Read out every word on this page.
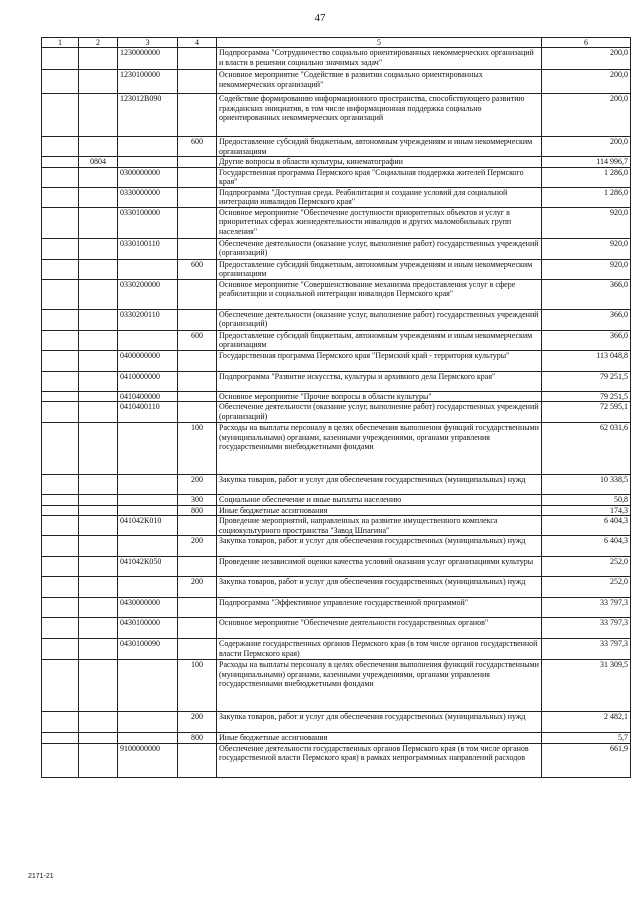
47
1	2	3	4	5	6
		1230000000		Подпрограмма "Сотрудничество социально ориентированных некоммерческих организаций и власти в решении социально значимых задач"	200,0
		1230100000		Основное мероприятие "Содействие в развитии социально ориентированных некоммерческих организаций"	200,0
		123012В090		Содействие формированию информационного пространства, способствующего развитию гражданских инициатив, в том числе информационная поддержка социально ориентированных некоммерческих организаций	200,0
			600	Предоставление субсидий бюджетным, автономным учреждениям и иным некоммерческим организациям	200,0
	0804			Другие вопросы в области культуры, кинематографии	114 996,7
		0300000000		Государственная программа Пермского края "Социальная поддержка жителей Пермского края"	1 286,0
		0330000000		Подпрограмма "Доступная среда. Реабилитация и создание условий для социальной интеграции инвалидов Пермского края"	1 286,0
		0330100000		Основное мероприятие "Обеспечение доступности приоритетных объектов и услуг в приоритетных сферах жизнедеятельности инвалидов и других маломобильных групп населения"	920,0
		0330100110		Обеспечение деятельности (оказание услуг, выполнение работ) государственных учреждений (организаций)	920,0
			600	Предоставление субсидий бюджетным, автономным учреждениям и иным некоммерческим организациям	920,0
		0330200000		Основное мероприятие "Совершенствование механизма предоставления услуг в сфере реабилитации и социальной интеграции инвалидов Пермского края"	366,0
		0330200110		Обеспечение деятельности (оказание услуг, выполнение работ) государственных учреждений (организаций)	366,0
			600	Предоставление субсидий бюджетным, автономным учреждениям и иным некоммерческим организациям	366,0
		0400000000		Государственная программа Пермского края "Пермский край - территория культуры"	113 048,8
		0410000000		Подпрограмма "Развитие искусства, культуры и архивного дела Пермского края"	79 251,5
		0410400000		Основное мероприятие "Прочие вопросы в области культуры"	79 251,5
		0410400110		Обеспечение деятельности (оказание услуг, выполнение работ) государственных учреждений (организаций)	72 595,1
			100	Расходы на выплаты персоналу в целях обеспечения выполнения функций государственными (муниципальными) органами, казенными учреждениями, органами управления государственными внебюджетными фондами	62 031,6
			200	Закупка товаров, работ и услуг для обеспечения государственных (муниципальных) нужд	10 338,5
			300	Социальное обеспечение и иные выплаты населению	50,8
			800	Иные бюджетные ассигнования	174,3
		041042К010		Проведение мероприятий, направленных на развитие имущественного комплекса социокультурного пространства "Завод Шпагина"	6 404,3
			200	Закупка товаров, работ и услуг для обеспечения государственных (муниципальных) нужд	6 404,3
		041042К050		Проведение независимой оценки качества условий оказания услуг организациями культуры	252,0
			200	Закупка товаров, работ и услуг для обеспечения государственных (муниципальных) нужд	252,0
		0430000000		Подпрограмма "Эффективное управление государственной программой"	33 797,3
		0430100000		Основное мероприятие "Обеспечение деятельности государственных органов"	33 797,3
		0430100090		Содержание государственных органов Пермского края (в том числе органов государственной власти Пермского края)	33 797,3
			100	Расходы на выплаты персоналу в целях обеспечения выполнения функций государственными (муниципальными) органами, казенными учреждениями, органами управления государственными внебюджетными фондами	31 309,5
			200	Закупка товаров, работ и услуг для обеспечения государственных (муниципальных) нужд	2 482,1
			800	Иные бюджетные ассигнования	5,7
		9100000000		Обеспечение деятельности государственных органов Пермского края (в том числе органов государственной власти Пермского края) в рамках непрограммных направлений расходов	661,9
2171-21
